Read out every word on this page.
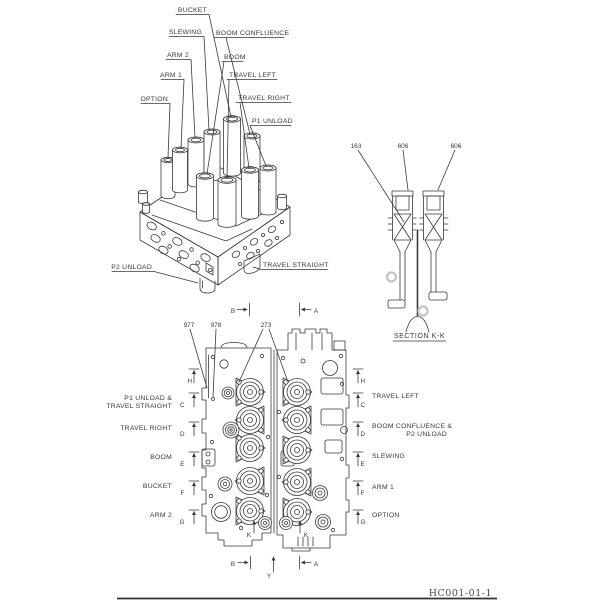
BUCKET
SLEWING BOOM CONFLUENCE
ARM 2	BOOM
ARM 1	TRAVEL LEFT
OPTION	TRAVEL RIGHT
P1 UNLOAD
P2 UNLOAD	TRAVEL STRAIGHT
163	606	606
SECTION K-K
977 978	273
H
C
D
E
F
G
H
C
D
E
F
G
P1 UNLOAD &
TRAVEL STRAIGHT
TRAVEL RIGHT
BOOM
BUCKET
ARM 2
TRAVEL LEFT
BOOM CONFLUENCE &
P2 UNLOAD
SLEWING
ARM 1
OPTION
B	A
B	A
Y
K	K
HC001-01-1
